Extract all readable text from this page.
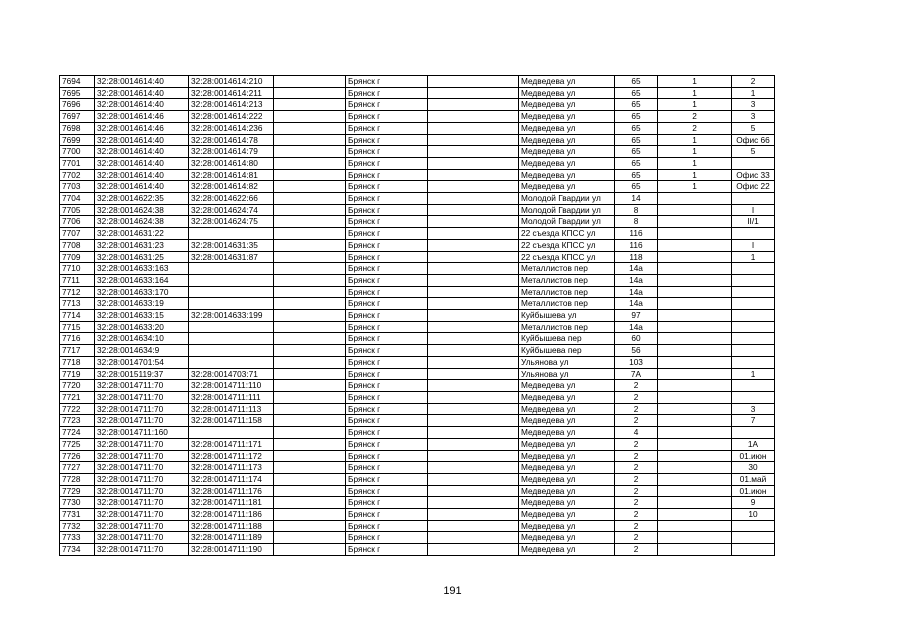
7694	32:28:0014614:40	32:28:0014614:210		Брянск г		Медведева ул	65	1	2
7695	32:28:0014614:40	32:28:0014614:211		Брянск г		Медведева ул	65	1	1
7696	32:28:0014614:40	32:28:0014614:213		Брянск г		Медведева ул	65	1	3
7697	32:28:0014614:46	32:28:0014614:222		Брянск г		Медведева ул	65	2	3
7698	32:28:0014614:46	32:28:0014614:236		Брянск г		Медведева ул	65	2	5
7699	32:28:0014614:40	32:28:0014614:78		Брянск г		Медведева ул	65	1	Офис 66
7700	32:28:0014614:40	32:28:0014614:79		Брянск г		Медведева ул	65	1	5
7701	32:28:0014614:40	32:28:0014614:80		Брянск г		Медведева ул	65	1	
7702	32:28:0014614:40	32:28:0014614:81		Брянск г		Медведева ул	65	1	Офис 33
7703	32:28:0014614:40	32:28:0014614:82		Брянск г		Медведева ул	65	1	Офис 22
7704	32:28:0014622:35	32:28:0014622:66		Брянск г		Молодой Гвардии ул	14		
7705	32:28:0014624:38	32:28:0014624:74		Брянск г		Молодой Гвардии ул	8		I
7706	32:28:0014624:38	32:28:0014624:75		Брянск г		Молодой Гвардии ул	8		II/1
7707	32:28:0014631:22			Брянск г		22 съезда КПСС ул	116		
7708	32:28:0014631:23	32:28:0014631:35		Брянск г		22 съезда КПСС ул	116		I
7709	32:28:0014631:25	32:28:0014631:87		Брянск г		22 съезда КПСС ул	118		1
7710	32:28:0014633:163			Брянск г		Металлистов пер	14а		
7711	32:28:0014633:164			Брянск г		Металлистов пер	14а		
7712	32:28:0014633:170			Брянск г		Металлистов пер	14а		
7713	32:28:0014633:19			Брянск г		Металлистов пер	14а		
7714	32:28:0014633:15	32:28:0014633:199		Брянск г		Куйбышева ул	97		
7715	32:28:0014633:20			Брянск г		Металлистов пер	14а		
7716	32:28:0014634:10			Брянск г		Куйбышева пер	60		
7717	32:28:0014634:9			Брянск г		Куйбышева пер	56		
7718	32:28:0014701:54			Брянск г		Ульянова ул	103		
7719	32:28:0015119:37	32:28:0014703:71		Брянск г		Ульянова ул	7А		1
7720	32:28:0014711:70	32:28:0014711:110		Брянск г		Медведева ул	2		
7721	32:28:0014711:70	32:28:0014711:111		Брянск г		Медведева ул	2		
7722	32:28:0014711:70	32:28:0014711:113		Брянск г		Медведева ул	2		3
7723	32:28:0014711:70	32:28:0014711:158		Брянск г		Медведева ул	2		7
7724	32:28:0014711:160			Брянск г		Медведева ул	4		
7725	32:28:0014711:70	32:28:0014711:171		Брянск г		Медведева ул	2		1А
7726	32:28:0014711:70	32:28:0014711:172		Брянск г		Медведева ул	2		01.июн
7727	32:28:0014711:70	32:28:0014711:173		Брянск г		Медведева ул	2		30
7728	32:28:0014711:70	32:28:0014711:174		Брянск г		Медведева ул	2		01.май
7729	32:28:0014711:70	32:28:0014711:176		Брянск г		Медведева ул	2		01.июн
7730	32:28:0014711:70	32:28:0014711:181		Брянск г		Медведева ул	2		9
7731	32:28:0014711:70	32:28:0014711:186		Брянск г		Медведева ул	2		10
7732	32:28:0014711:70	32:28:0014711:188		Брянск г		Медведева ул	2		
7733	32:28:0014711:70	32:28:0014711:189		Брянск г		Медведева ул	2		
7734	32:28:0014711:70	32:28:0014711:190		Брянск г		Медведева ул	2		
191
